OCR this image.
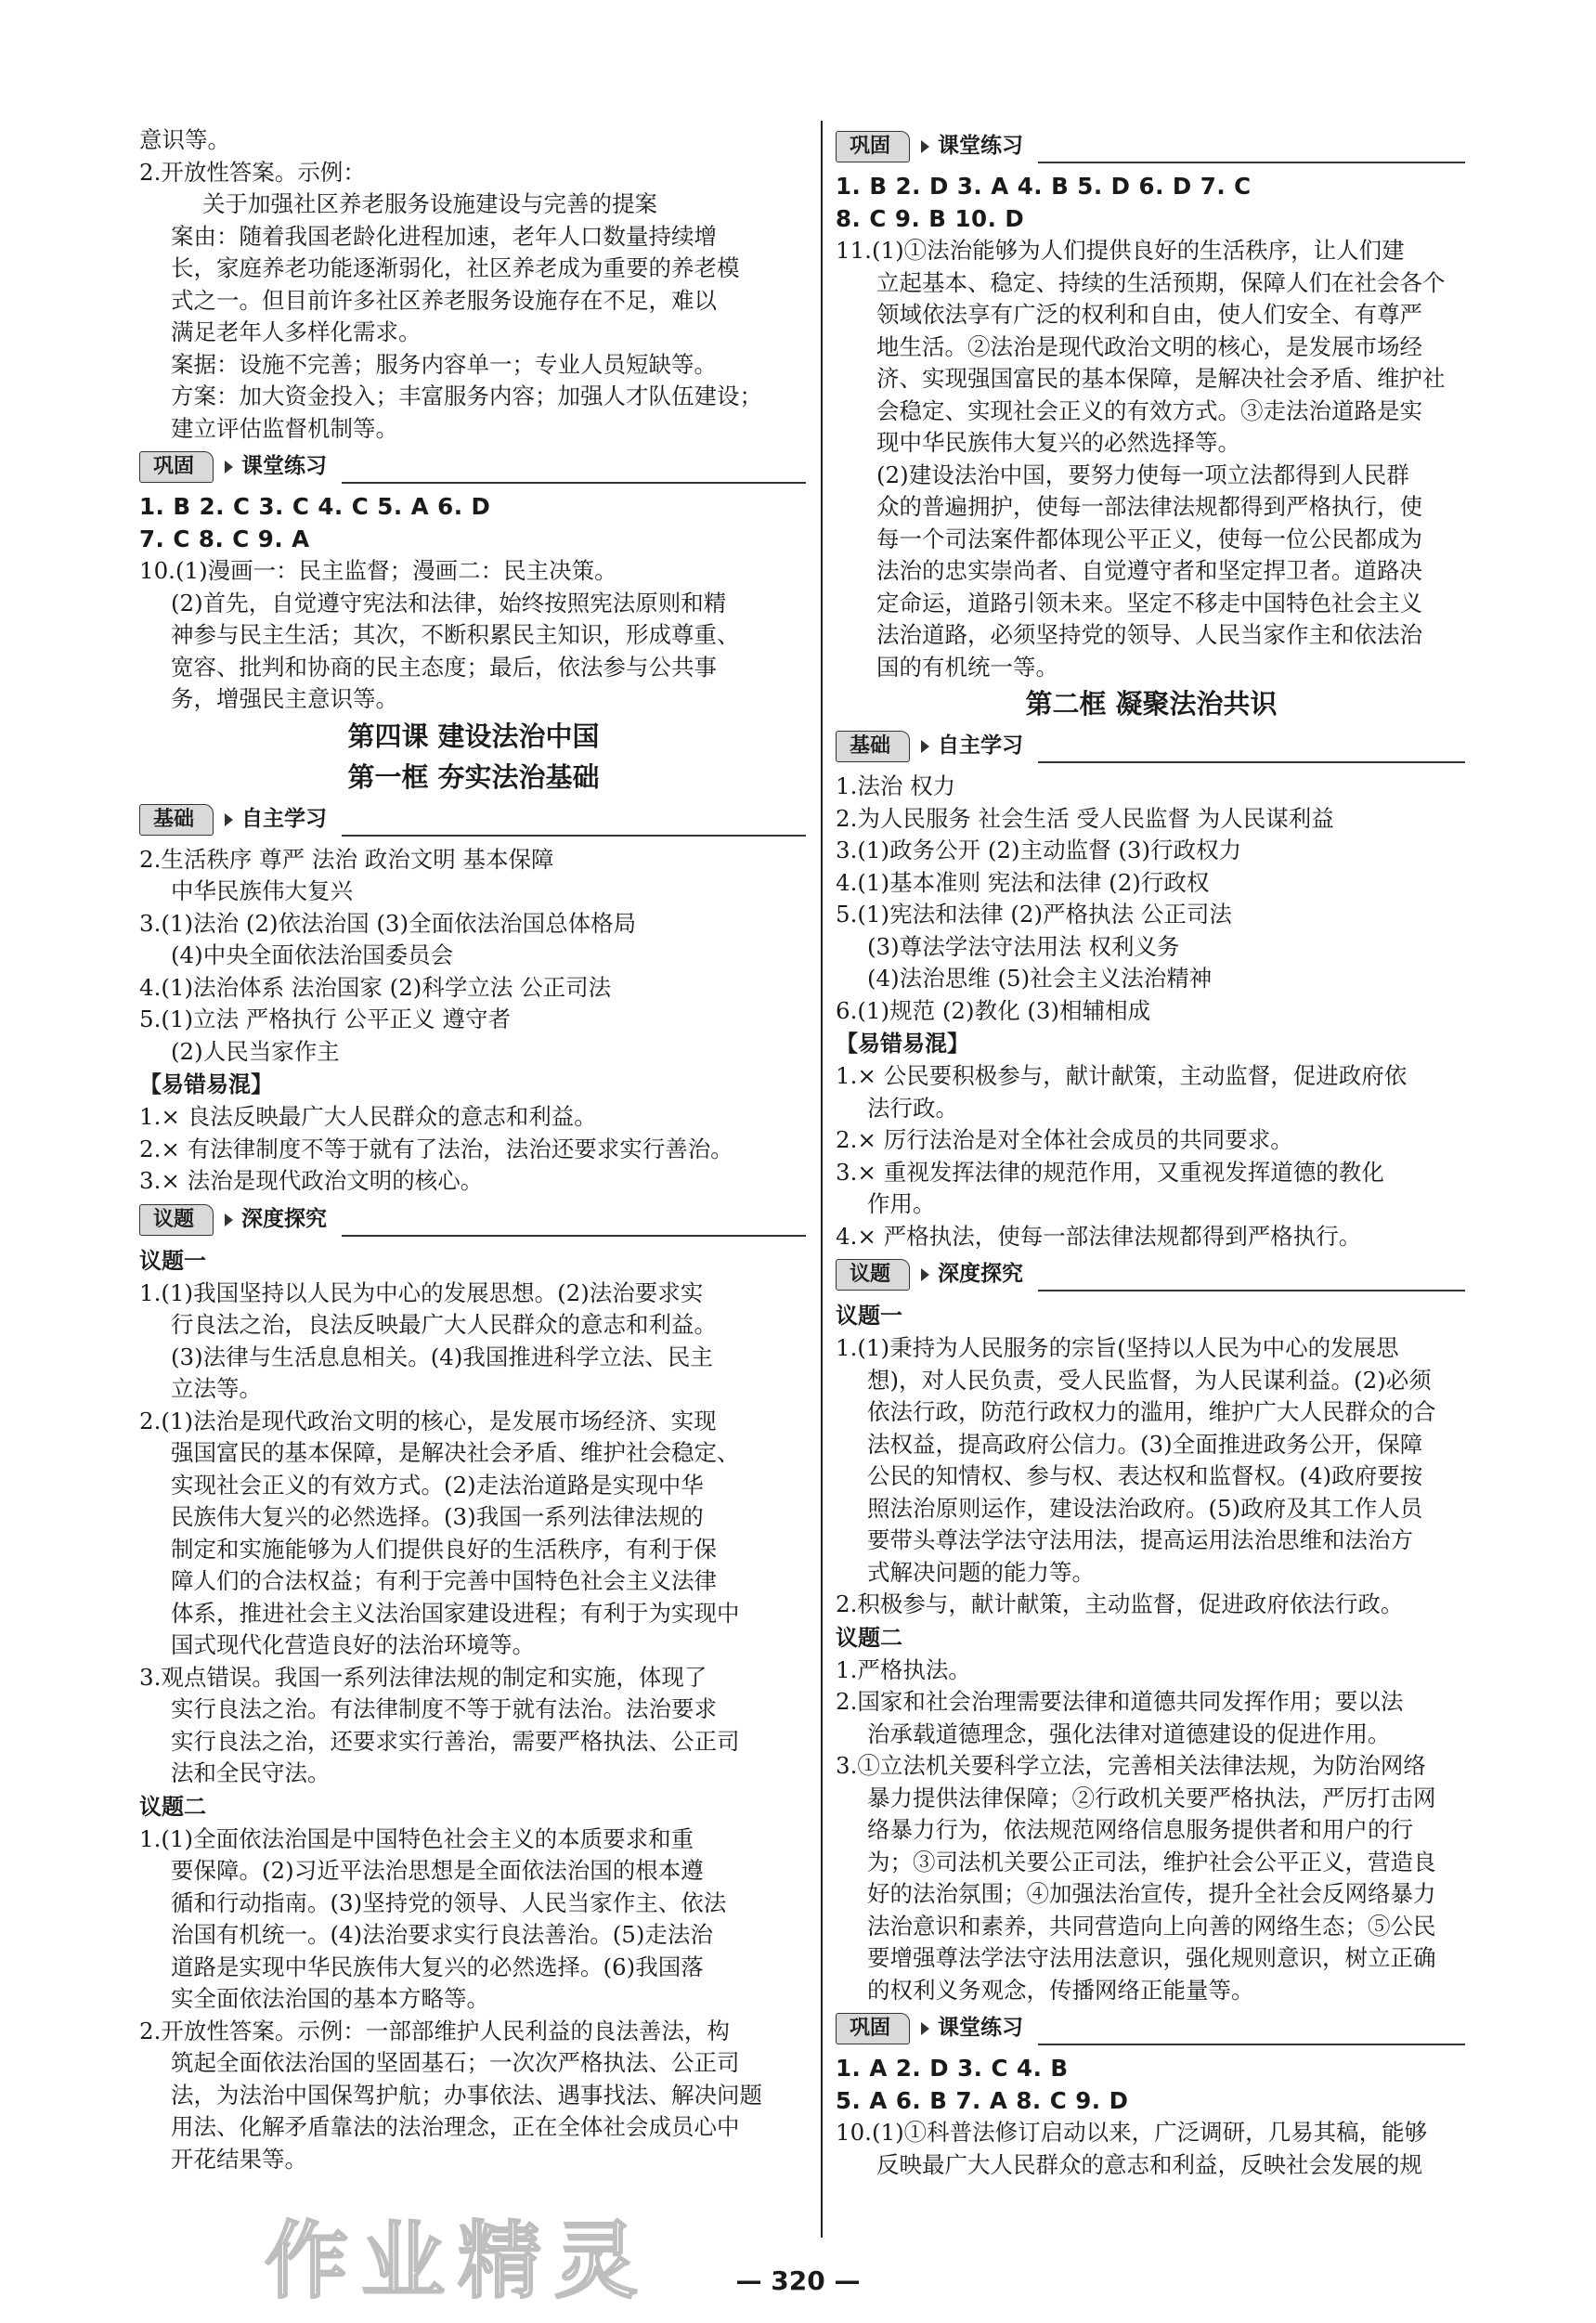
意识等。
2.开放性答案。示例：
关于加强社区养老服务设施建设与完善的提案
案由：随着我国老龄化进程加速，老年人口数量持续增
长，家庭养老功能逐渐弱化，社区养老成为重要的养老模
式之一。但目前许多社区养老服务设施存在不足，难以
满足老年人多样化需求。
案据：设施不完善；服务内容单一；专业人员短缺等。
方案：加大资金投入；丰富服务内容；加强人才队伍建设；
建立评估监督机制等。
巩固	课堂练习
1. B 2. C 3. C 4. C 5. A 6. D
7. C 8. C 9. A
10.(1)漫画一：民主监督；漫画二：民主决策。
(2)首先，自觉遵守宪法和法律，始终按照宪法原则和精
神参与民主生活；其次，不断积累民主知识，形成尊重、
宽容、批判和协商的民主态度；最后，依法参与公共事
务，增强民主意识等。
第四课 建设法治中国
第一框 夯实法治基础
基础	自主学习
2.生活秩序 尊严 法治 政治文明 基本保障
中华民族伟大复兴
3.(1)法治 (2)依法治国 (3)全面依法治国总体格局
(4)中央全面依法治国委员会
4.(1)法治体系 法治国家 (2)科学立法 公正司法
5.(1)立法 严格执行 公平正义 遵守者
(2)人民当家作主
【易错易混】
1.× 良法反映最广大人民群众的意志和利益。
2.× 有法律制度不等于就有了法治，法治还要求实行善治。
3.× 法治是现代政治文明的核心。
议题	深度探究
议题一
1.(1)我国坚持以人民为中心的发展思想。(2)法治要求实
行良法之治，良法反映最广大人民群众的意志和利益。
(3)法律与生活息息相关。(4)我国推进科学立法、民主
立法等。
2.(1)法治是现代政治文明的核心，是发展市场经济、实现
强国富民的基本保障，是解决社会矛盾、维护社会稳定、
实现社会正义的有效方式。(2)走法治道路是实现中华
民族伟大复兴的必然选择。(3)我国一系列法律法规的
制定和实施能够为人们提供良好的生活秩序，有利于保
障人们的合法权益；有利于完善中国特色社会主义法律
体系，推进社会主义法治国家建设进程；有利于为实现中
国式现代化营造良好的法治环境等。
3.观点错误。我国一系列法律法规的制定和实施，体现了
实行良法之治。有法律制度不等于就有法治。法治要求
实行良法之治，还要求实行善治，需要严格执法、公正司
法和全民守法。
议题二
1.(1)全面依法治国是中国特色社会主义的本质要求和重
要保障。(2)习近平法治思想是全面依法治国的根本遵
循和行动指南。(3)坚持党的领导、人民当家作主、依法
治国有机统一。(4)法治要求实行良法善治。(5)走法治
道路是实现中华民族伟大复兴的必然选择。(6)我国落
实全面依法治国的基本方略等。
2.开放性答案。示例：一部部维护人民利益的良法善法，构
筑起全面依法治国的坚固基石；一次次严格执法、公正司
法，为法治中国保驾护航；办事依法、遇事找法、解决问题
用法、化解矛盾靠法的法治理念，正在全体社会成员心中
开花结果等。
巩固	课堂练习
1. B 2. D 3. A 4. B 5. D 6. D 7. C
8. C 9. B 10. D
11.(1)①法治能够为人们提供良好的生活秩序，让人们建
立起基本、稳定、持续的生活预期，保障人们在社会各个
领域依法享有广泛的权利和自由，使人们安全、有尊严
地生活。②法治是现代政治文明的核心，是发展市场经
济、实现强国富民的基本保障，是解决社会矛盾、维护社
会稳定、实现社会正义的有效方式。③走法治道路是实
现中华民族伟大复兴的必然选择等。
(2)建设法治中国，要努力使每一项立法都得到人民群
众的普遍拥护，使每一部法律法规都得到严格执行，使
每一个司法案件都体现公平正义，使每一位公民都成为
法治的忠实崇尚者、自觉遵守者和坚定捍卫者。道路决
定命运，道路引领未来。坚定不移走中国特色社会主义
法治道路，必须坚持党的领导、人民当家作主和依法治
国的有机统一等。
第二框 凝聚法治共识
基础	自主学习
1.法治 权力
2.为人民服务 社会生活 受人民监督 为人民谋利益
3.(1)政务公开 (2)主动监督 (3)行政权力
4.(1)基本准则 宪法和法律 (2)行政权
5.(1)宪法和法律 (2)严格执法 公正司法
(3)尊法学法守法用法 权利义务
(4)法治思维 (5)社会主义法治精神
6.(1)规范 (2)教化 (3)相辅相成
【易错易混】
1.× 公民要积极参与，献计献策，主动监督，促进政府依
法行政。
2.× 厉行法治是对全体社会成员的共同要求。
3.× 重视发挥法律的规范作用，又重视发挥道德的教化
作用。
4.× 严格执法，使每一部法律法规都得到严格执行。
议题	深度探究
议题一
1.(1)秉持为人民服务的宗旨(坚持以人民为中心的发展思
想)，对人民负责，受人民监督，为人民谋利益。(2)必须
依法行政，防范行政权力的滥用，维护广大人民群众的合
法权益，提高政府公信力。(3)全面推进政务公开，保障
公民的知情权、参与权、表达权和监督权。(4)政府要按
照法治原则运作，建设法治政府。(5)政府及其工作人员
要带头尊法学法守法用法，提高运用法治思维和法治方
式解决问题的能力等。
2.积极参与，献计献策，主动监督，促进政府依法行政。
议题二
1.严格执法。
2.国家和社会治理需要法律和道德共同发挥作用；要以法
治承载道德理念，强化法律对道德建设的促进作用。
3.①立法机关要科学立法，完善相关法律法规，为防治网络
暴力提供法律保障；②行政机关要严格执法，严厉打击网
络暴力行为，依法规范网络信息服务提供者和用户的行
为；③司法机关要公正司法，维护社会公平正义，营造良
好的法治氛围；④加强法治宣传，提升全社会反网络暴力
法治意识和素养，共同营造向上向善的网络生态；⑤公民
要增强尊法学法守法用法意识，强化规则意识，树立正确
的权利义务观念，传播网络正能量等。
巩固	课堂练习
1. A 2. D 3. C 4. B
5. A 6. B 7. A 8. C 9. D
10.(1)①科普法修订启动以来，广泛调研，几易其稿，能够
反映最广大人民群众的意志和利益，反映社会发展的规
作业精灵	— 320 —
